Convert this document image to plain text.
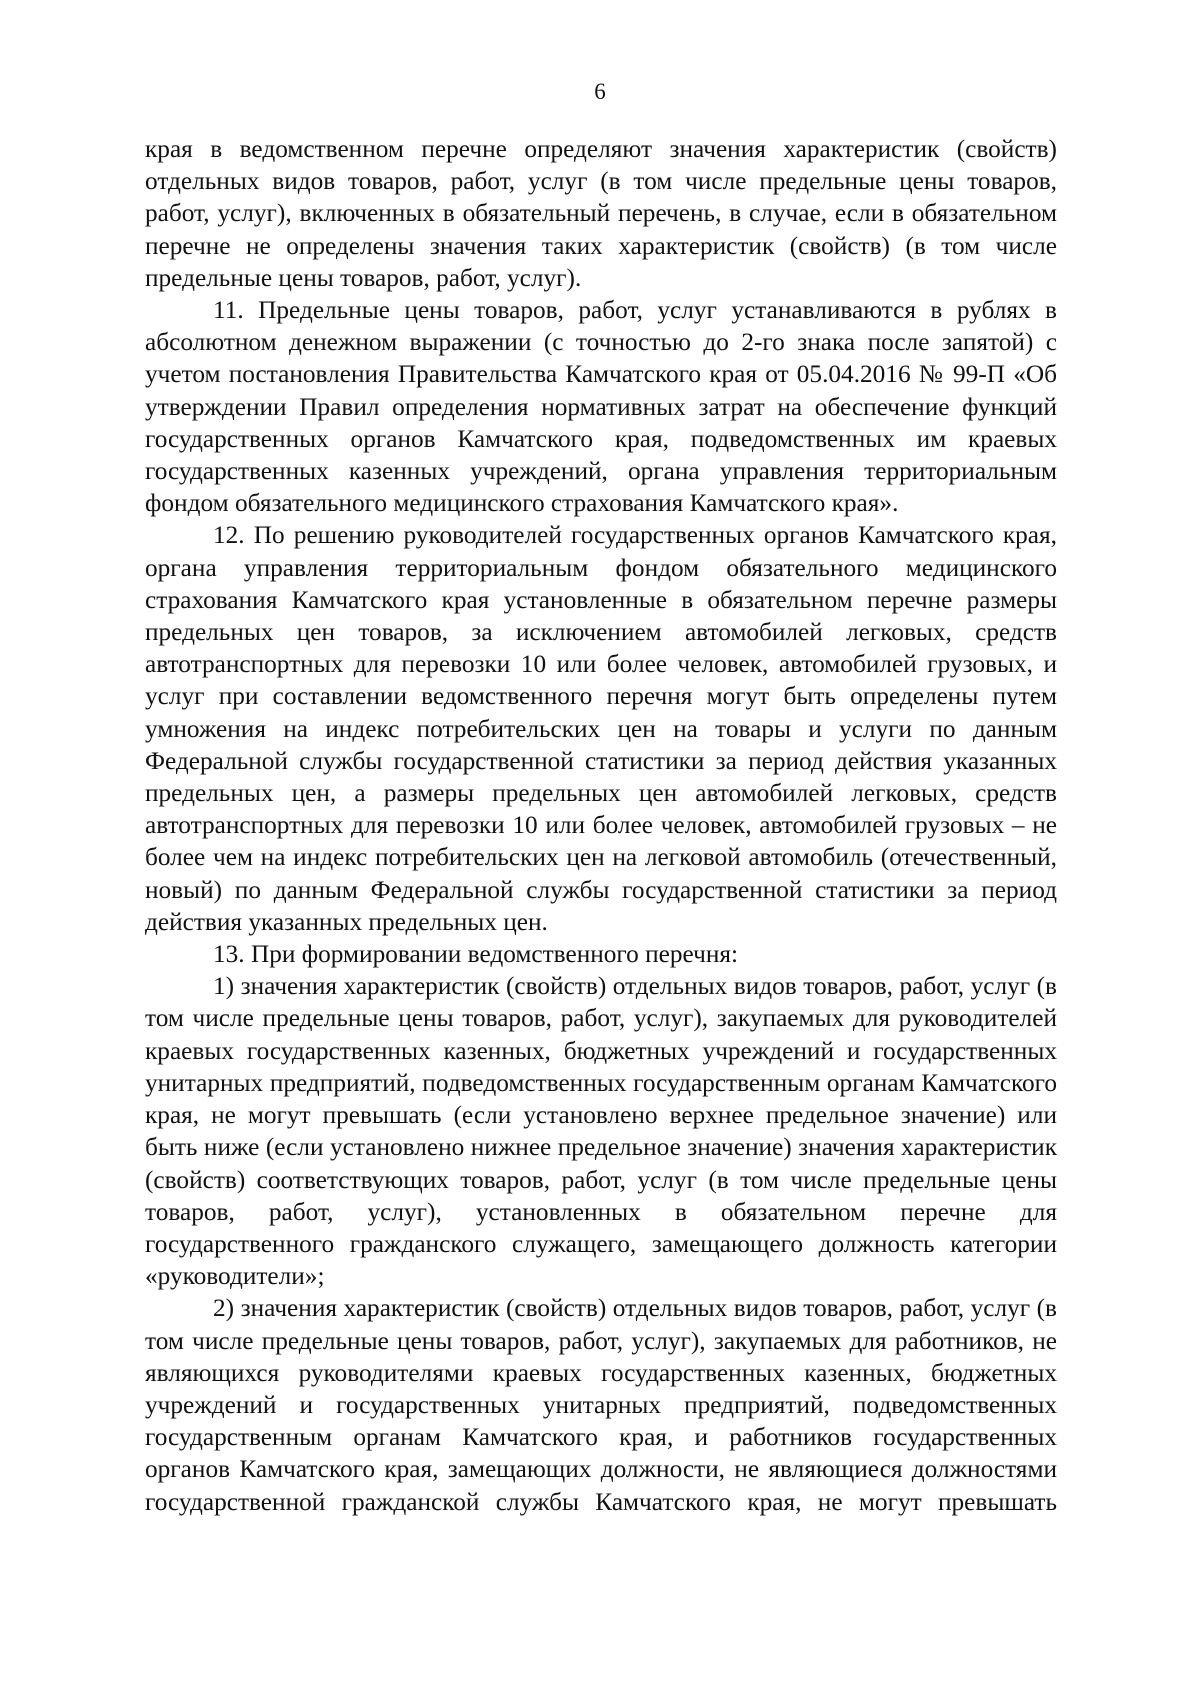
6

края в ведомственном перечне определяют значения характеристик (свойств) отдельных видов товаров, работ, услуг (в том числе предельные цены товаров, работ, услуг), включенных в обязательный перечень, в случае, если в обязательном перечне не определены значения таких характеристик (свойств) (в том числе предельные цены товаров, работ, услуг).

11. Предельные цены товаров, работ, услуг устанавливаются в рублях в абсолютном денежном выражении (с точностью до 2-го знака после запятой) с учетом постановления Правительства Камчатского края от 05.04.2016 № 99-П «Об утверждении Правил определения нормативных затрат на обеспечение функций государственных органов Камчатского края, подведомственных им краевых государственных казенных учреждений, органа управления территориальным фондом обязательного медицинского страхования Камчатского края».

12. По решению руководителей государственных органов Камчатского края, органа управления территориальным фондом обязательного медицинского страхования Камчатского края установленные в обязательном перечне размеры предельных цен товаров, за исключением автомобилей легковых, средств автотранспортных для перевозки 10 или более человек, автомобилей грузовых, и услуг при составлении ведомственного перечня могут быть определены путем умножения на индекс потребительских цен на товары и услуги по данным Федеральной службы государственной статистики за период действия указанных предельных цен, а размеры предельных цен автомобилей легковых, средств автотранспортных для перевозки 10 или более человек, автомобилей грузовых – не более чем на индекс потребительских цен на легковой автомобиль (отечественный, новый) по данным Федеральной службы государственной статистики за период действия указанных предельных цен.

13. При формировании ведомственного перечня:

1) значения характеристик (свойств) отдельных видов товаров, работ, услуг (в том числе предельные цены товаров, работ, услуг), закупаемых для руководителей краевых государственных казенных, бюджетных учреждений и государственных унитарных предприятий, подведомственных государственным органам Камчатского края, не могут превышать (если установлено верхнее предельное значение) или быть ниже (если установлено нижнее предельное значение) значения характеристик (свойств) соответствующих товаров, работ, услуг (в том числе предельные цены товаров, работ, услуг), установленных в обязательном перечне для государственного гражданского служащего, замещающего должность категории «руководители»;

2) значения характеристик (свойств) отдельных видов товаров, работ, услуг (в том числе предельные цены товаров, работ, услуг), закупаемых для работников, не являющихся руководителями краевых государственных казенных, бюджетных учреждений и государственных унитарных предприятий, подведомственных государственным органам Камчатского края, и работников государственных органов Камчатского края, замещающих должности, не являющиеся должностями государственной гражданской службы Камчатского края, не могут превышать
